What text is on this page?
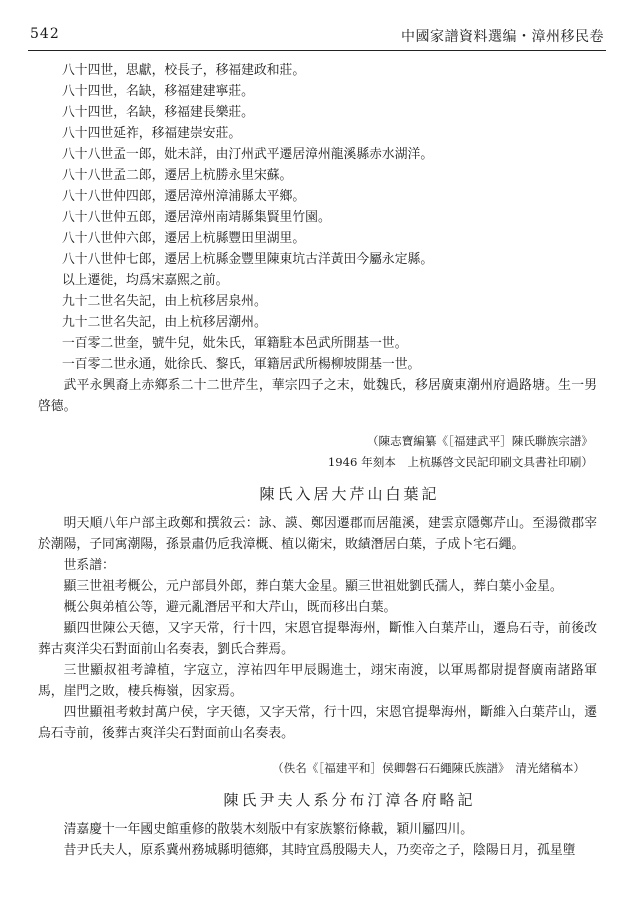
542	中國家譜資料選编・漳州移民卷
八十四世，思獻，校長子，移福建政和莊。
八十四世，名缺，移福建建寧莊。
八十四世，名缺，移福建長樂莊。
八十四世延祚，移福建崇安莊。
八十八世孟一郎，妣未詳，由汀州武平遷居漳州龍溪縣赤水湖洋。
八十八世孟二郎，遷居上杭勝永里宋蘇。
八十八世仲四郎，遷居漳州漳浦縣太平鄉。
八十八世仲五郎，遷居漳州南靖縣集賢里竹園。
八十八世仲六郎，遷居上杭縣豐田里湖里。
八十八世仲七郎，遷居上杭縣金豐里陳東坑古洋黃田今屬永定縣。
以上遷徙，均爲宋嘉熙之前。
九十二世名失記，由上杭移居泉州。
九十二世名失記，由上杭移居潮州。
一百零二世奎，號牛兒，妣朱氏，軍籍駐本邑武所開基一世。
一百零二世永通，妣徐氏、黎氏，軍籍居武所楊柳坡開基一世。

武平永興裔上赤鄉系二十二世芹生，華宗四子之末，妣魏氏，移居廣東潮州府過路塘。生一男啓德。

（陳志寶編纂《［福建武平］陳氏聯族宗譜》
1946 年刻本　上杭縣啓文民記印刷文具書社印刷）
陳氏入居大芹山白葉記

明天順八年户部主政鄭和撰敘云：詠、謨、鄭因遷郡而居龍溪，建雲京隱鄭芹山。至湯微郡宰於潮陽，子同寓潮陽，孫景肅仍卮我漳概、植以衛宋，敗績潛居白葉，子成卜宅石繩。

世系譜：

顯三世祖考概公，元户部員外郎，葬白葉大金星。顯三世祖妣劉氏孺人，葬白葉小金星。

概公與弟植公等，避元亂潛居平和大芹山，既而移出白葉。

顯四世陳公天德，又字天常，行十四，宋恩官提舉海州，斷惟入白葉芹山，遷烏石寺，前後改葬古爽洋尖石對面前山名奏表，劉氏合葬焉。

三世顯叔祖考諱植，字寇立，淳祐四年甲辰賜進士，翊宋南渡，以軍馬都尉提督廣南諸路軍馬，崖門之敗，棲兵梅嶺，因家焉。

四世顯祖考敕封萬户侯，字天德，又字天常，行十四，宋恩官提舉海州，斷維入白葉芹山，遷烏石寺前，後葬古爽洋尖石對面前山名奏表。

（佚名《［福建平和］侯卿磐石石繩陳氏族譜》　清光緒稿本）
陳氏尹夫人系分布汀漳各府略記

清嘉慶十一年國史館重修的散裝木刻版中有家族繁衍條載，穎川屬四川。

昔尹氏夫人，原系冀州務城縣明德鄉，其時宜爲殷陽夫人，乃奕帝之子，陰陽日月，孤星墮
